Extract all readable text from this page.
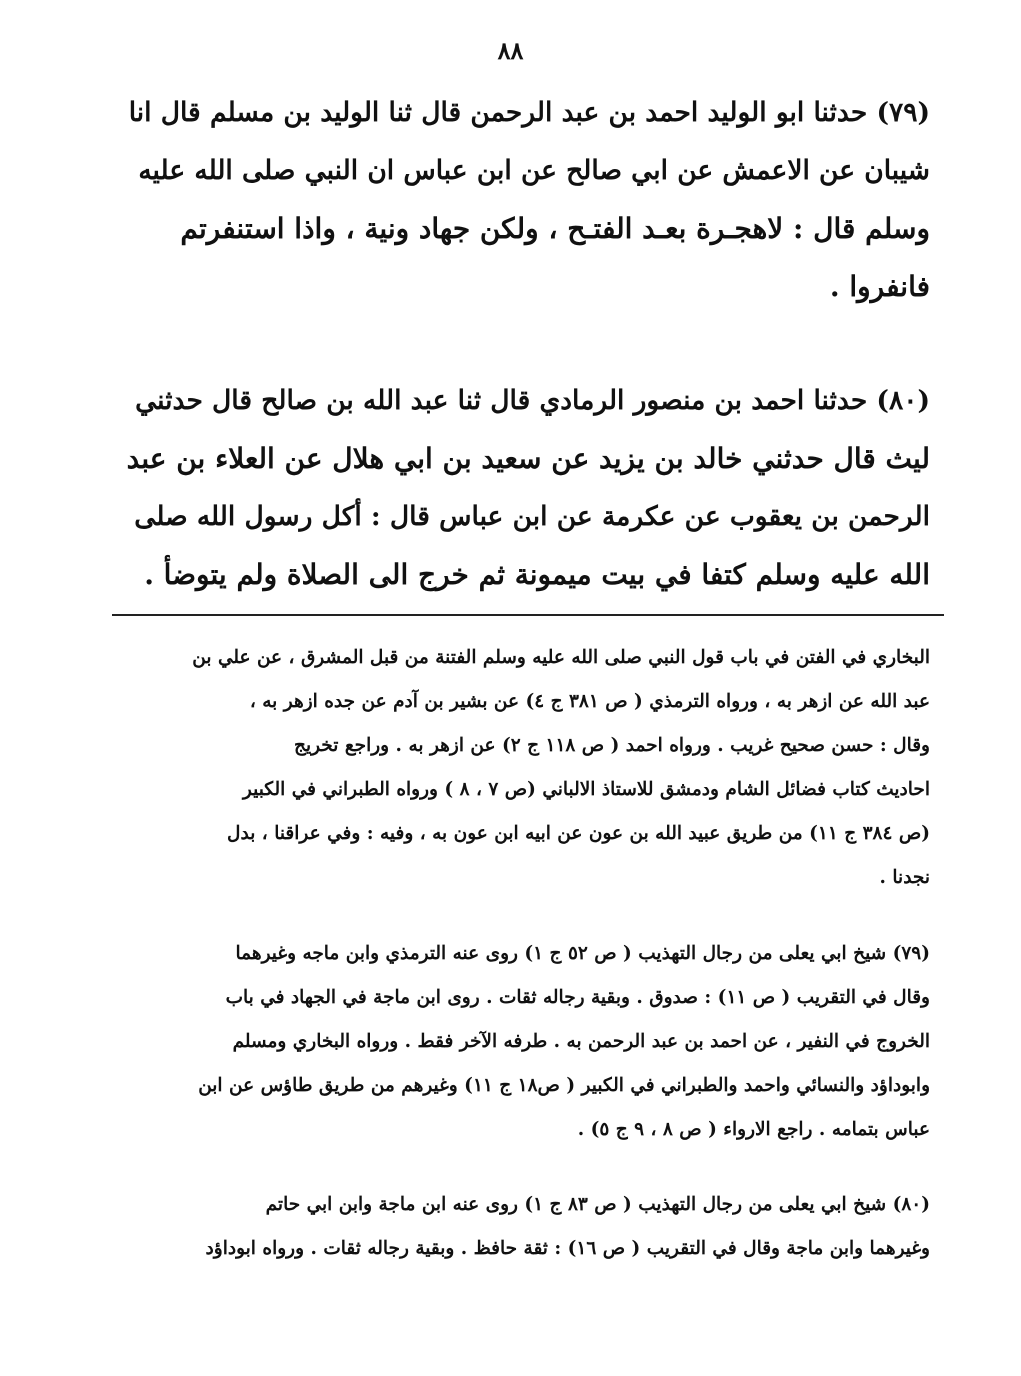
٨٨
(٧٩) حدثنا ابو الوليد احمد بن عبد الرحمن قال ثنا الوليد بن مسلم قال انا
شيبان عن الاعمش عن ابي صالح عن ابن عباس ان النبي صلى الله عليه
وسلم قال : لاهجـرة بعـد الفتـح ، ولكن جهاد ونية ، واذا استنفرتم
فانفروا .
(٨٠) حدثنا احمد بن منصور الرمادي قال ثنا عبد الله بن صالح قال حدثني
ليث قال حدثني خالد بن يزيد عن سعيد بن ابي هلال عن العلاء بن عبد
الرحمن بن يعقوب عن عكرمة عن ابن عباس قال : أكل رسول الله صلى
الله عليه وسلم كتفا في بيت ميمونة ثم خرج الى الصلاة ولم يتوضأ .
البخاري في الفتن في باب قول النبي صلى الله عليه وسلم الفتنة من قبل المشرق ، عن علي بن
عبد الله عن ازهر به ، ورواه الترمذي ( ص ٣٨١ ج ٤) عن بشير بن آدم عن جده ازهر به ،
وقال : حسن صحيح غريب . ورواه احمد ( ص ١١٨ ج ٢) عن ازهر به . وراجع تخريج
احاديث كتاب فضائل الشام ودمشق للاستاذ الالباني (ص ٧ ، ٨ ) ورواه الطبراني في الكبير
(ص ٣٨٤ ج ١١) من طريق عبيد الله بن عون عن ابيه ابن عون به ، وفيه : وفي عراقنا ، بدل
نجدنا .
(٧٩) شيخ ابي يعلى من رجال التهذيب ( ص ٥٢ ج ١) روى عنه الترمذي وابن ماجه وغيرهما
وقال في التقريب ( ص ١١) : صدوق . وبقية رجاله ثقات . روى ابن ماجة في الجهاد في باب
الخروج في النفير ، عن احمد بن عبد الرحمن به . طرفه الآخر فقط . ورواه البخاري ومسلم
وابوداؤد والنسائي واحمد والطبراني في الكبير ( ص١٨ ج ١١) وغيرهم من طريق طاؤس عن ابن
عباس بتمامه . راجع الارواء ( ص ٨ ، ٩ ج ٥) .
(٨٠) شيخ ابي يعلى من رجال التهذيب ( ص ٨٣ ج ١) روى عنه ابن ماجة وابن ابي حاتم
وغيرهما وابن ماجة وقال في التقريب ( ص ١٦) : ثقة حافظ . وبقية رجاله ثقات . ورواه ابوداؤد
